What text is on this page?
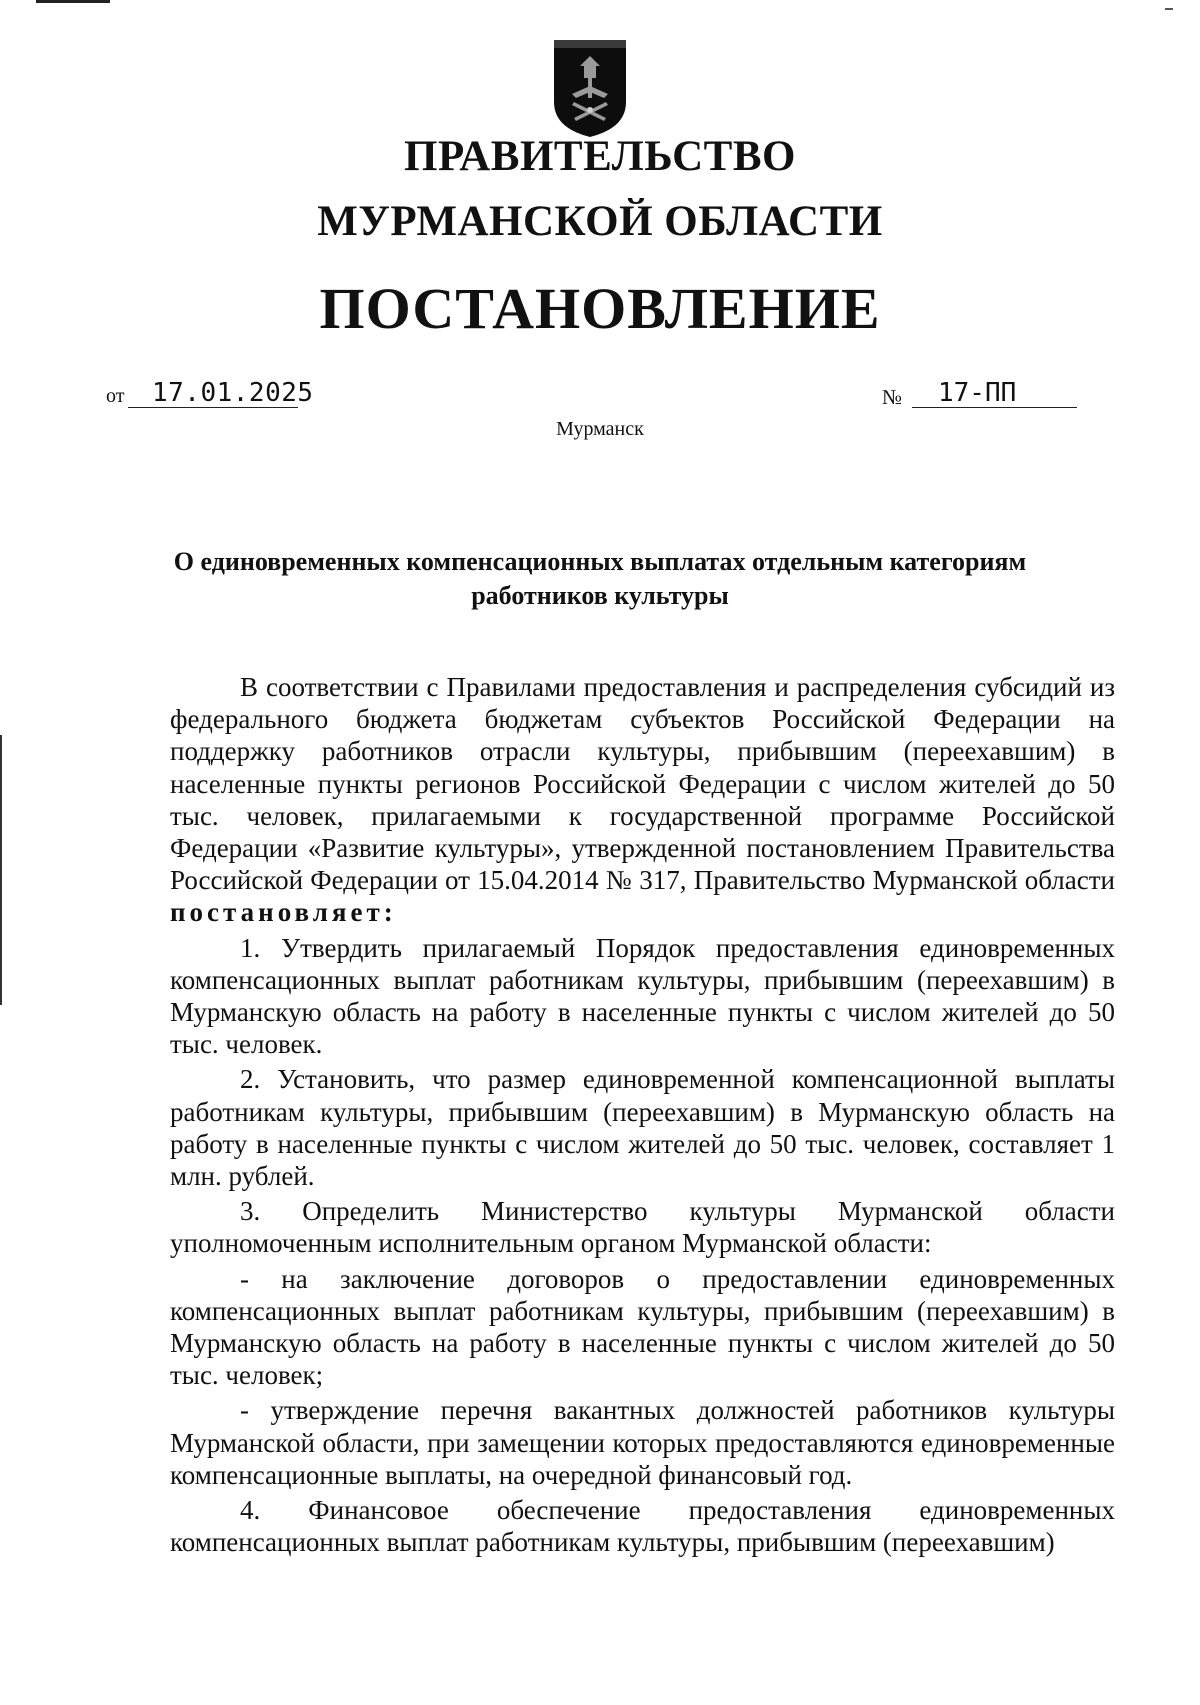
ПРАВИТЕЛЬСТВО
МУРМАНСКОЙ ОБЛАСТИ
ПОСТАНОВЛЕНИЕ
от 17.01.2025	№ 17-ПП
Мурманск
О единовременных компенсационных выплатах отдельным категориям работников культуры

В соответствии с Правилами предоставления и распределения субсидий из федерального бюджета бюджетам субъектов Российской Федерации на поддержку работников отрасли культуры, прибывшим (переехавшим) в населенные пункты регионов Российской Федерации с числом жителей до 50 тыс. человек, прилагаемыми к государственной программе Российской Федерации «Развитие культуры», утвержденной постановлением Правительства Российской Федерации от 15.04.2014 № 317, Правительство Мурманской области постановляет:

1. Утвердить прилагаемый Порядок предоставления единовременных компенсационных выплат работникам культуры, прибывшим (переехавшим) в Мурманскую область на работу в населенные пункты с числом жителей до 50 тыс. человек.

2. Установить, что размер единовременной компенсационной выплаты работникам культуры, прибывшим (переехавшим) в Мурманскую область на работу в населенные пункты с числом жителей до 50 тыс. человек, составляет 1 млн. рублей.

3. Определить Министерство культуры Мурманской области уполномоченным исполнительным органом Мурманской области:

- на заключение договоров о предоставлении единовременных компенсационных выплат работникам культуры, прибывшим (переехавшим) в Мурманскую область на работу в населенные пункты с числом жителей до 50 тыс. человек;

- утверждение перечня вакантных должностей работников культуры Мурманской области, при замещении которых предоставляются единовременные компенсационные выплаты, на очередной финансовый год.

4. Финансовое обеспечение предоставления единовременных компенсационных выплат работникам культуры, прибывшим (переехавшим)
